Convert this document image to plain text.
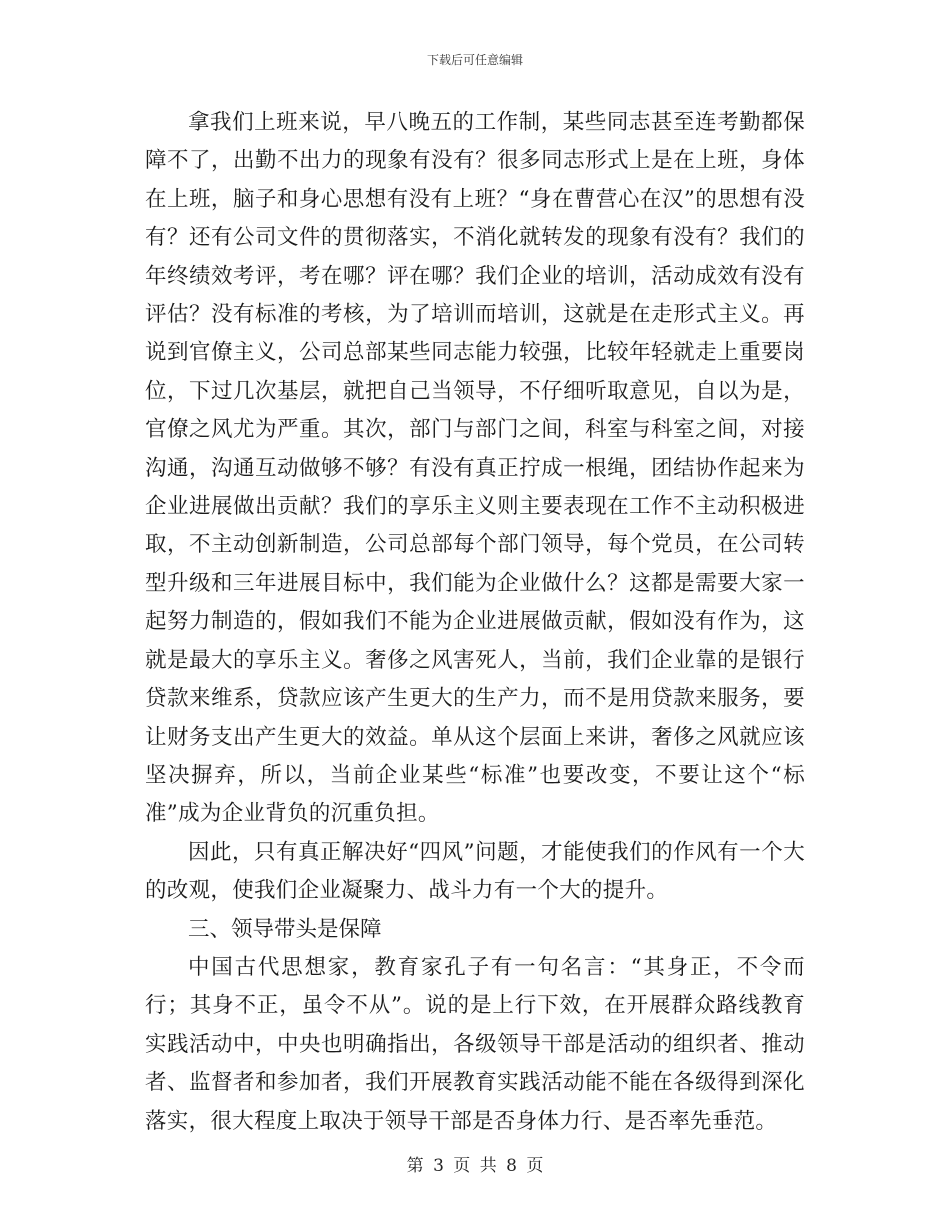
下载后可任意编辑

拿我们上班来说，早八晚五的工作制，某些同志甚至连考勤都保障不了，出勤不出力的现象有没有？很多同志形式上是在上班，身体在上班，脑子和身心思想有没有上班？“身在曹营心在汉”的思想有没有？还有公司文件的贯彻落实，不消化就转发的现象有没有？我们的年终绩效考评，考在哪？评在哪？我们企业的培训，活动成效有没有评估？没有标准的考核，为了培训而培训，这就是在走形式主义。再说到官僚主义，公司总部某些同志能力较强，比较年轻就走上重要岗位，下过几次基层，就把自己当领导，不仔细听取意见，自以为是，官僚之风尤为严重。其次，部门与部门之间，科室与科室之间，对接沟通，沟通互动做够不够？有没有真正拧成一根绳，团结协作起来为企业进展做出贡献？我们的享乐主义则主要表现在工作不主动积极进取，不主动创新制造，公司总部每个部门领导，每个党员，在公司转型升级和三年进展目标中，我们能为企业做什么？这都是需要大家一起努力制造的，假如我们不能为企业进展做贡献，假如没有作为，这就是最大的享乐主义。奢侈之风害死人，当前，我们企业靠的是银行贷款来维系，贷款应该产生更大的生产力，而不是用贷款来服务，要让财务支出产生更大的效益。单从这个层面上来讲，奢侈之风就应该坚决摒弃，所以，当前企业某些“标准”也要改变，不要让这个“标准”成为企业背负的沉重负担。

因此，只有真正解决好“四风”问题，才能使我们的作风有一个大的改观，使我们企业凝聚力、战斗力有一个大的提升。

三、领导带头是保障

中国古代思想家，教育家孔子有一句名言：“其身正，不令而行；其身不正，虽令不从”。说的是上行下效，在开展群众路线教育实践活动中，中央也明确指出，各级领导干部是活动的组织者、推动者、监督者和参加者，我们开展教育实践活动能不能在各级得到深化落实，很大程度上取决于领导干部是否身体力行、是否率先垂范。

第 3 页 共 8 页
